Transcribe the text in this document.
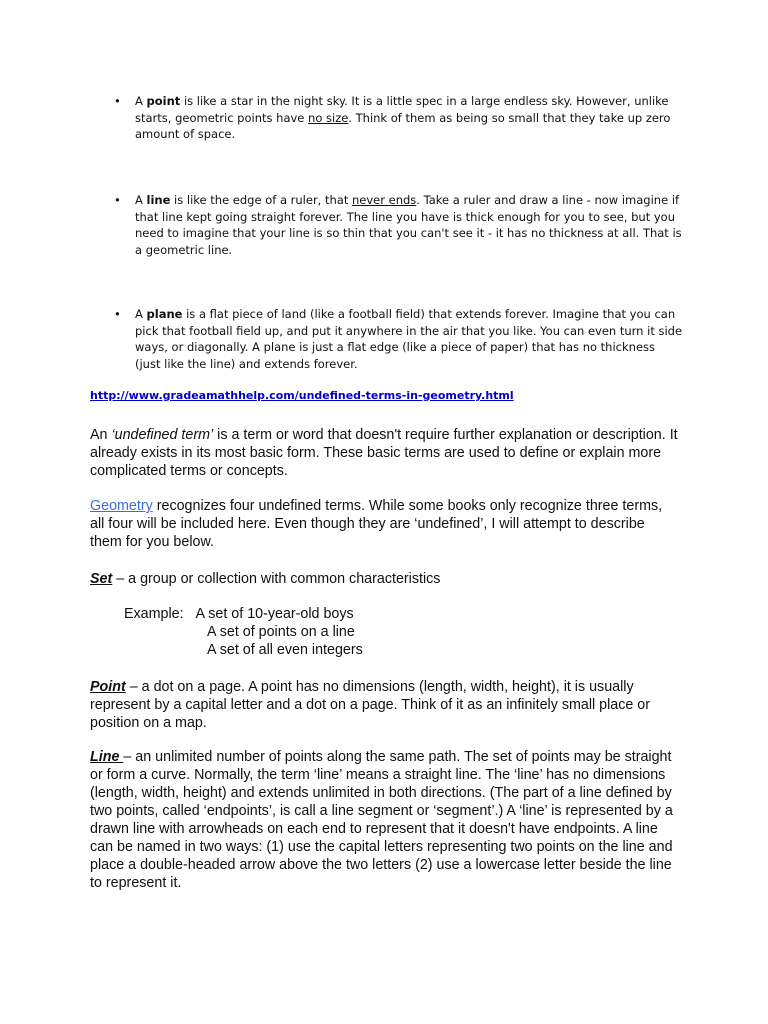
• A point is like a star in the night sky. It is a little spec in a large endless sky. However, unlike starts, geometric points have no size. Think of them as being so small that they take up zero amount of space.
• A line is like the edge of a ruler, that never ends. Take a ruler and draw a line - now imagine if that line kept going straight forever. The line you have is thick enough for you to see, but you need to imagine that your line is so thin that you can't see it - it has no thickness at all. That is a geometric line.
• A plane is a flat piece of land (like a football field) that extends forever. Imagine that you can pick that football field up, and put it anywhere in the air that you like. You can even turn it side ways, or diagonally. A plane is just a flat edge (like a piece of paper) that has no thickness (just like the line) and extends forever.
http://www.gradeamathhelp.com/undefined-terms-in-geometry.html
An ‘undefined term’ is a term or word that doesn't require further explanation or description. It already exists in its most basic form. These basic terms are used to define or explain more complicated terms or concepts.
Geometry recognizes four undefined terms. While some books only recognize three terms, all four will be included here. Even though they are ‘undefined’, I will attempt to describe them for you below.
Set – a group or collection with common characteristics
Example: A set of 10-year-old boys
A set of points on a line
A set of all even integers
Point – a dot on a page. A point has no dimensions (length, width, height), it is usually represent by a capital letter and a dot on a page. Think of it as an infinitely small place or position on a map.
Line – an unlimited number of points along the same path. The set of points may be straight or form a curve. Normally, the term ‘line’ means a straight line. The ‘line’ has no dimensions (length, width, height) and extends unlimited in both directions. (The part of a line defined by two points, called ‘endpoints’, is call a line segment or ‘segment’.) A ‘line’ is represented by a drawn line with arrowheads on each end to represent that it doesn't have endpoints. A line can be named in two ways: (1) use the capital letters representing two points on the line and place a double-headed arrow above the two letters (2) use a lowercase letter beside the line to represent it.
